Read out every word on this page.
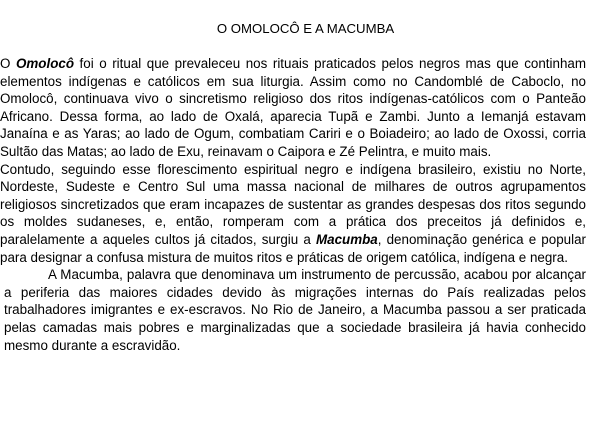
O OMOLOCÔ E A MACUMBA

O Omolocô foi o ritual que prevaleceu nos rituais praticados pelos negros mas que continham elementos indígenas e católicos em sua liturgia. Assim como no Candomblé de Caboclo, no Omolocô, continuava vivo o sincretismo religioso dos ritos indígenas-católicos com o Panteão Africano. Dessa forma, ao lado de Oxalá, aparecia Tupã e Zambi. Junto a Iemanjá estavam Janaína e as Yaras; ao lado de Ogum, combatiam Cariri e o Boiadeiro; ao lado de Oxossi, corria Sultão das Matas; ao lado de Exu, reinavam o Caipora e Zé Pelintra, e muito mais.

Contudo, seguindo esse florescimento espiritual negro e indígena brasileiro, existiu no Norte, Nordeste, Sudeste e Centro Sul uma massa nacional de milhares de outros agrupamentos religiosos sincretizados que eram incapazes de sustentar as grandes despesas dos ritos segundo os moldes sudaneses, e, então, romperam com a prática dos preceitos já definidos e, paralelamente a aqueles cultos já citados, surgiu a Macumba, denominação genérica e popular para designar a confusa mistura de muitos ritos e práticas de origem católica, indígena e negra.

A Macumba, palavra que denominava um instrumento de percussão, acabou por alcançar a periferia das maiores cidades devido às migrações internas do País realizadas pelos trabalhadores imigrantes e ex-escravos. No Rio de Janeiro, a Macumba passou a ser praticada pelas camadas mais pobres e marginalizadas que a sociedade brasileira já havia conhecido mesmo durante a escravidão.
